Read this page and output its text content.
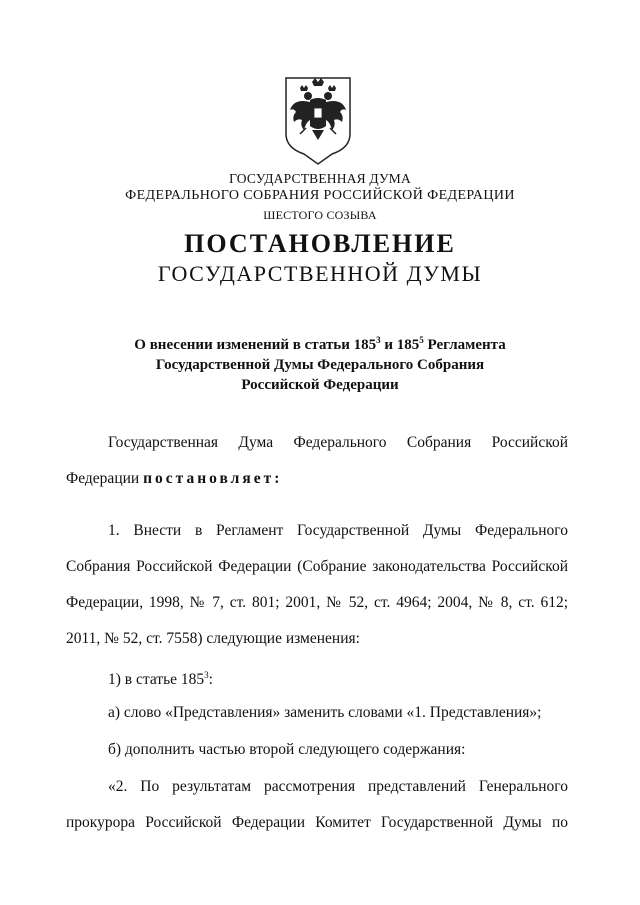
ГОСУДАРСТВЕННАЯ ДУМА
ФЕДЕРАЛЬНОГО СОБРАНИЯ РОССИЙСКОЙ ФЕДЕРАЦИИ
ШЕСТОГО СОЗЫВА
ПОСТАНОВЛЕНИЕ
ГОСУДАРСТВЕННОЙ ДУМЫ
О внесении изменений в статьи $185^3$ и $185^5$ Регламента
Государственной Думы Федерального Собрания
Российской Федерации
Государственная Дума Федерального Собрания Российской
Федерации постановляет:
1. Внести в Регламент Государственной Думы Федерального
Собрания Российской Федерации (Собрание законодательства Российской
Федерации, 1998, № 7, ст. 801; 2001, № 52, ст. 4964; 2004, № 8, ст. 612;
2011, № 52, ст. 7558) следующие изменения:
1) в статье $185^3$:
а) слово «Представления» заменить словами «1. Представления»;
б) дополнить частью второй следующего содержания:
«2. По результатам рассмотрения представлений Генерального
прокурора Российской Федерации Комитет Государственной Думы по
